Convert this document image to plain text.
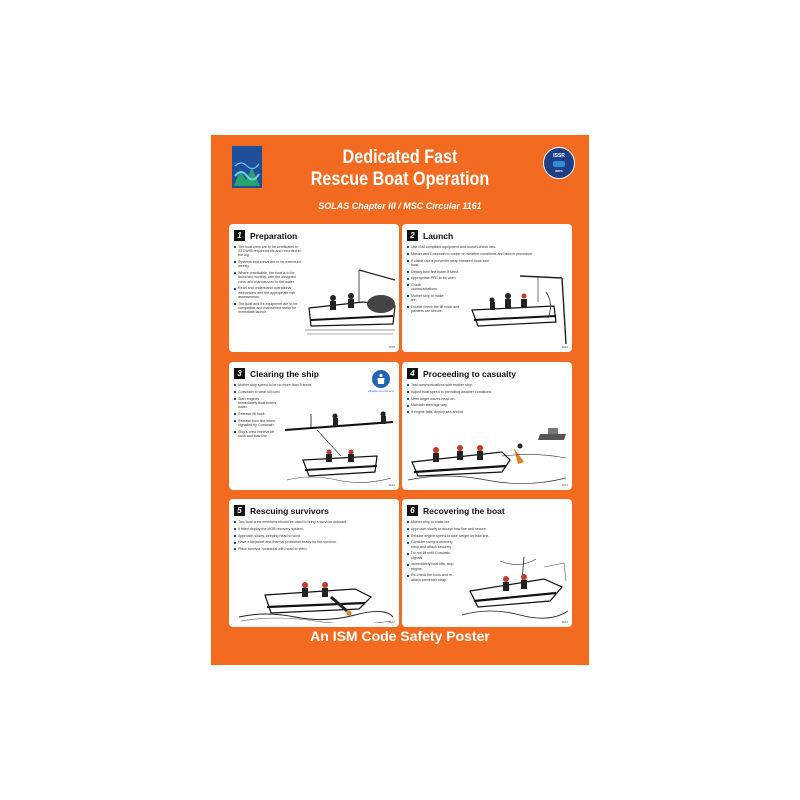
ISSR
IMPA
Dedicated Fast
Rescue Boat Operation
SOLAS Chapter III / MSC Circular 1161
1 Preparation
The boat crew are to be certificated to STCW95 requirements and recorded in the log.
Systems and crews are to be exercised weekly.
Where practicable, the boat is to be launched monthly, with the assigned crew, and manoeuvred in the water.
Read and understand operational instructions and the appropriate risk assessments.
The boat and it's equipment are to be compatible and maintained ready for immediate launch.
4640
2 Launch
Use ISM compliant equipment and launch-check lists.
Master and Coxswain to confer on weather conditions and launch procedure.
If viable use a preventer strap between hook and boat.
Deploy bow line boom if fitted.
Appropriate PPE to be worn.
Check communications.
Mother ship to make lee.
Double check the lift hook and painters are secure.
4640
3 Clearing the ship
Lifejacket must be worn
Mother ship speed to be no more than 5 knots.
Coxswain to wear kill cord.
Start engines immediately boat enters water.
Release lift hook.
Release bow line when signalled by Coxswain.
Ship's crew retrieve lift hook and bow line.
4641
4 Proceeding to casualty
Test communications with mother ship.
Adjust boat speed to prevailing weather conditions.
Meet larger waves head on.
Maintain steerage way.
If engine fails, deploy sea anchor.
4641
5 Rescuing survivors
Two boat crew members should be used to bring a survivor onboard.
If fitted deploy the MOB recovery system.
Approach slowly, keeping head to wind.
Have a lifejacket and thermal protection ready for the survivor.
Place survivor horizontal with head to stern.
4642
6 Recovering the boat
Mother ship to make lee.
Approach slowly to accept bow line and secure.
Reduce engine speed to take weight on bow line.
Consider using a recovery strop and attach securely.
Do not lift until Coxswain signals.
Immediately boat lifts, stop engine.
Re-check the hook and re-attach preventer strap.
4642
An ISM Code Safety Poster
